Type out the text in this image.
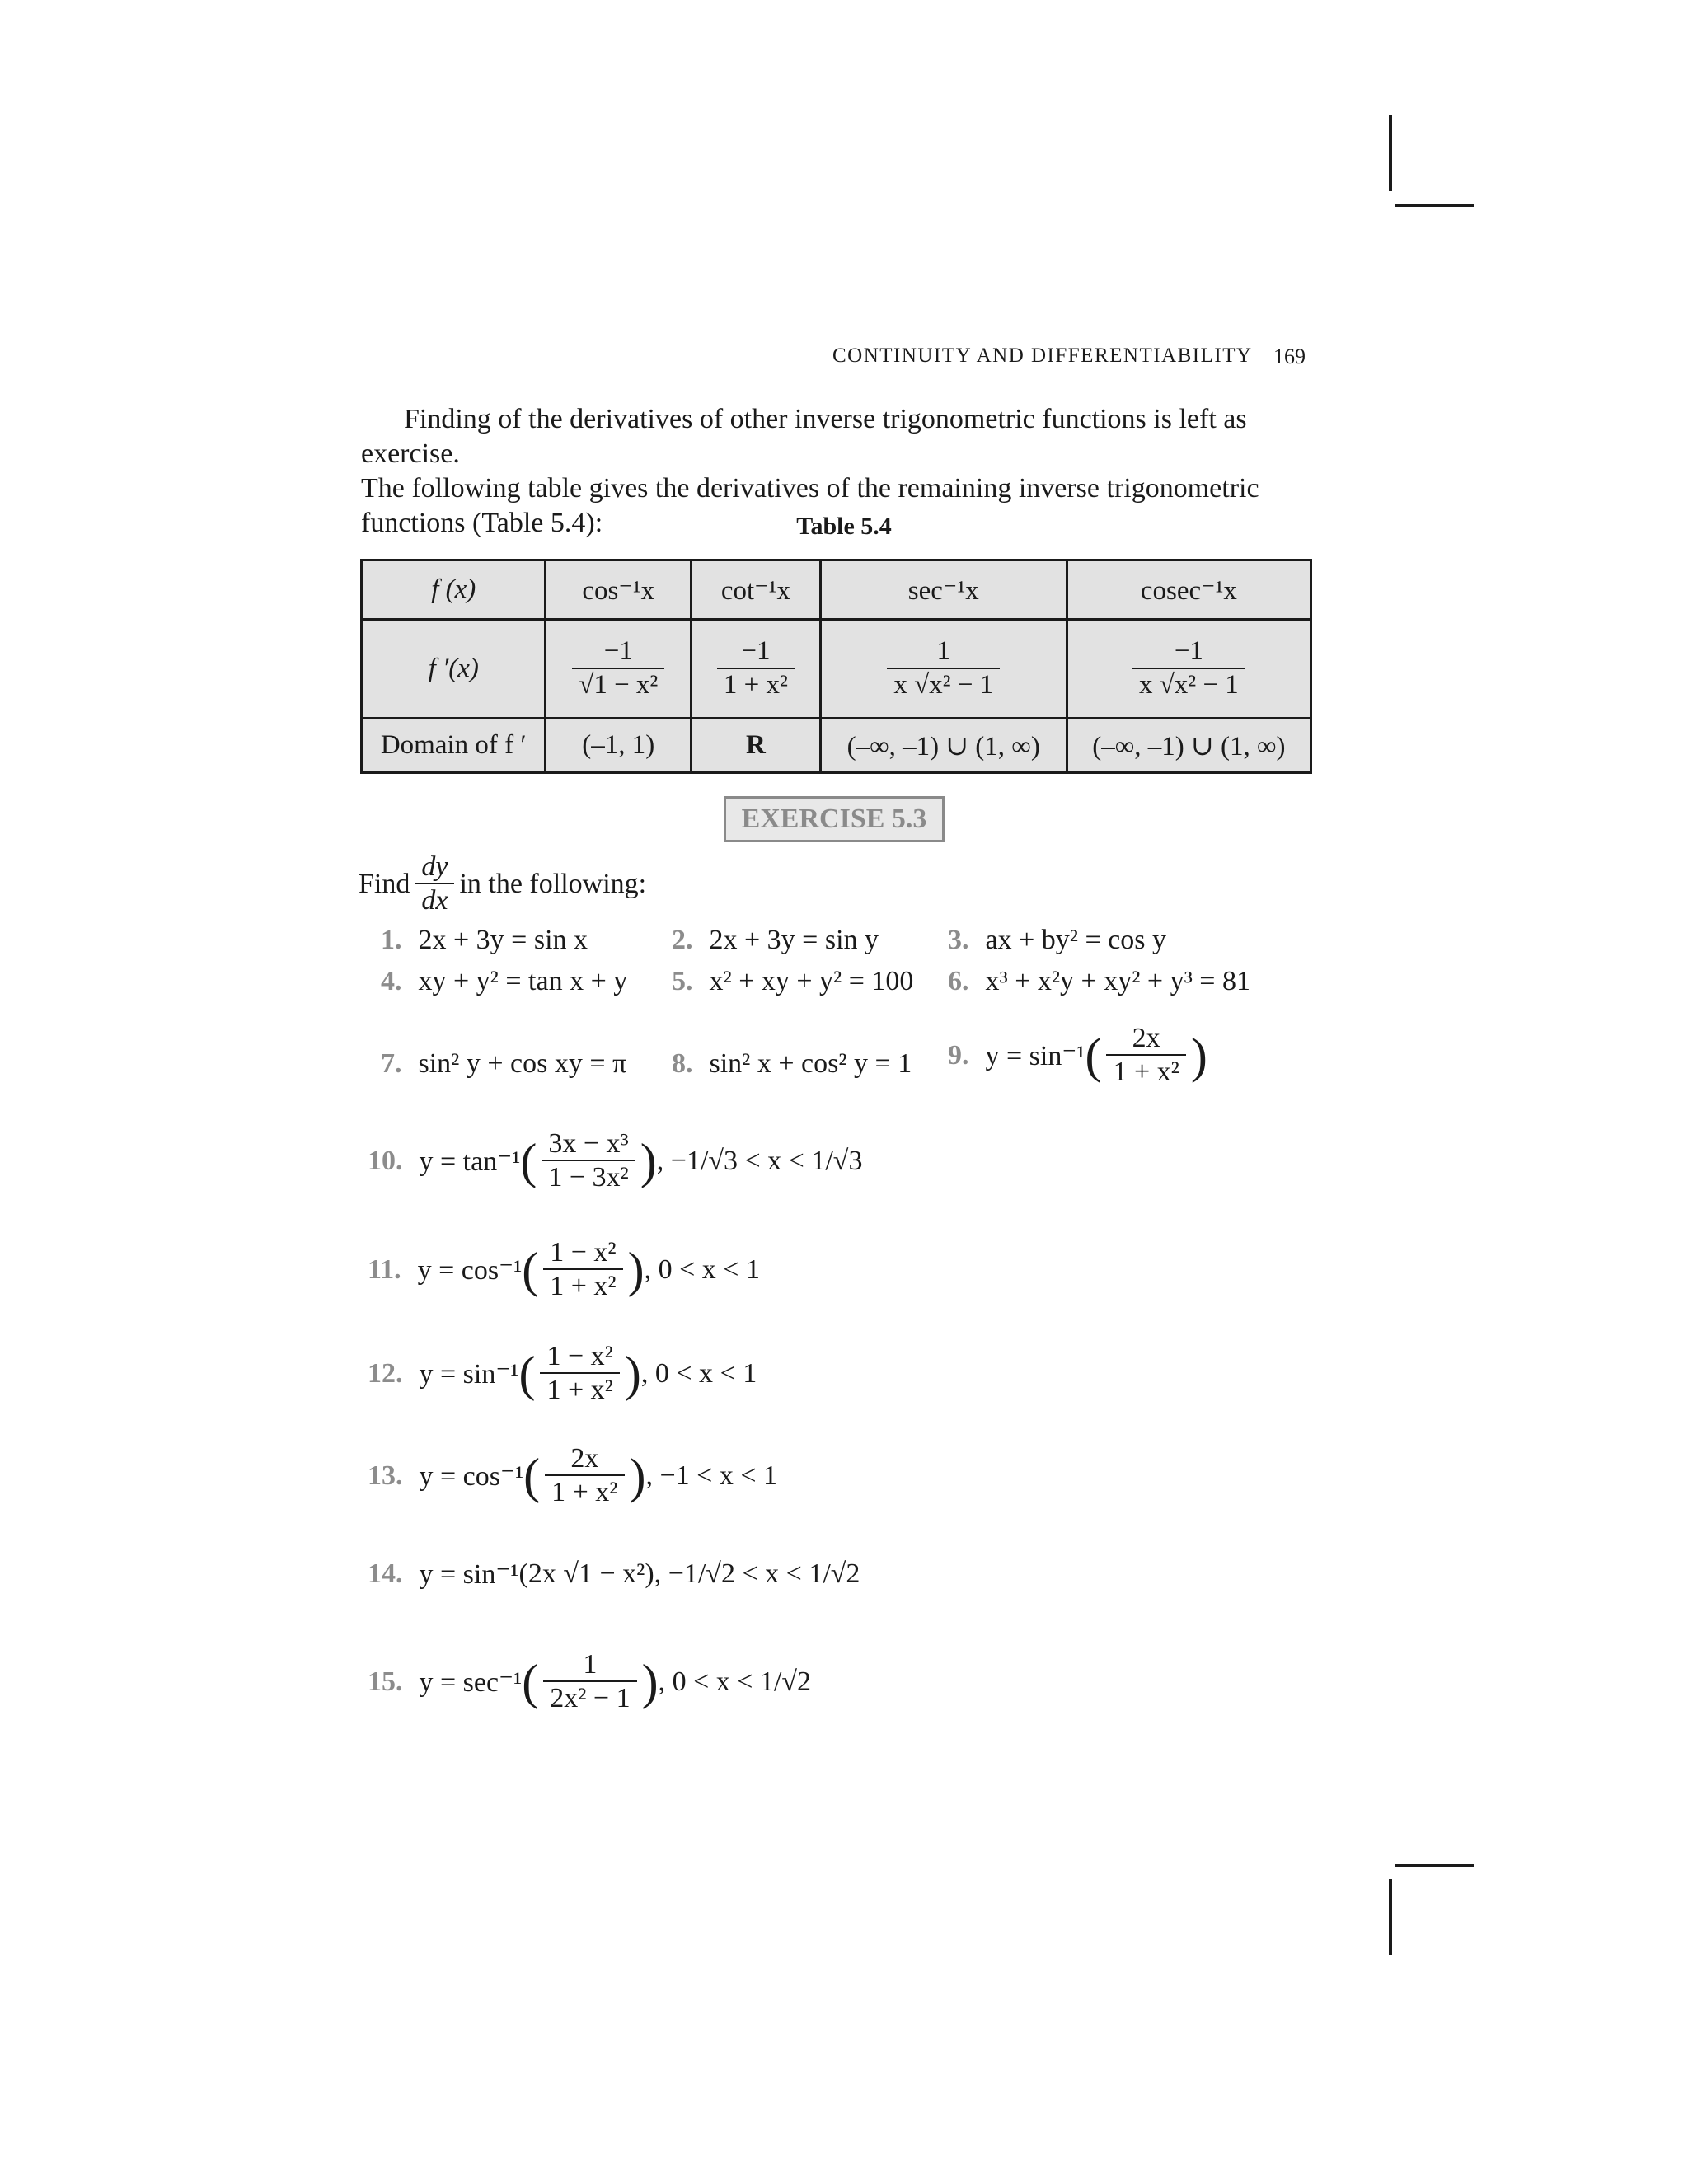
CONTINUITY AND DIFFERENTIABILITY 169

Finding of the derivatives of other inverse trigonometric functions is left as exercise.

The following table gives the derivatives of the remaining inverse trigonometric functions (Table 5.4):	Table 5.4
f (x)	cos⁻¹x	cot⁻¹x	sec⁻¹x	cosec⁻¹x
f ′(x)	$\frac{-1}{\text{√1 − x²}}$	$\frac{-1}{\text{1 + x²}}$	$\frac{1}{\text{x √x² − 1}}$	$\frac{-1}{\text{x √x² − 1}}$

Domain of f ′	(–1, 1)	R	(–∞, –1) ∪ (1, ∞)	(–∞, –1) ∪ (1, ∞)
EXERCISE 5.3
Find $\frac{dy}{dx}$ in the following:
1. 2x + 3y = sin x	2. 2x + 3y = sin y 3. ax + by² = cos y
4. xy + y² = tan x + y 5. x² + xy + y² = 100 6. x³ + x²y + xy² + y³ = 81
7. sin² y + cos xy = π 8. sin² x + cos² y = 1 9. y = sin⁻¹ ( $\frac{2x}{\text{1 + x²}}$ )
10. y = tan⁻¹ ( $\frac{\text{3x − x³}}{\text{1 − 3x²}}$ ) , −1/√3 < x < 1/√3
11. y = cos⁻¹ ( $\frac{\text{1 − x²}}{\text{1 + x²}}$ ) , 0 < x < 1
12. y = sin⁻¹ ( $\frac{\text{1 − x²}}{\text{1 + x²}}$ ) , 0 < x < 1
13. y = cos⁻¹ ( $\frac{2x}{\text{1 + x²}}$ ) , −1 < x < 1
14. y = sin⁻¹ (2x √1 − x²) , −1/√2 < x < 1/√2
15. y = sec⁻¹ ( $\frac{1}{\text{2x² − 1}}$ ) , 0 < x < 1/√2
